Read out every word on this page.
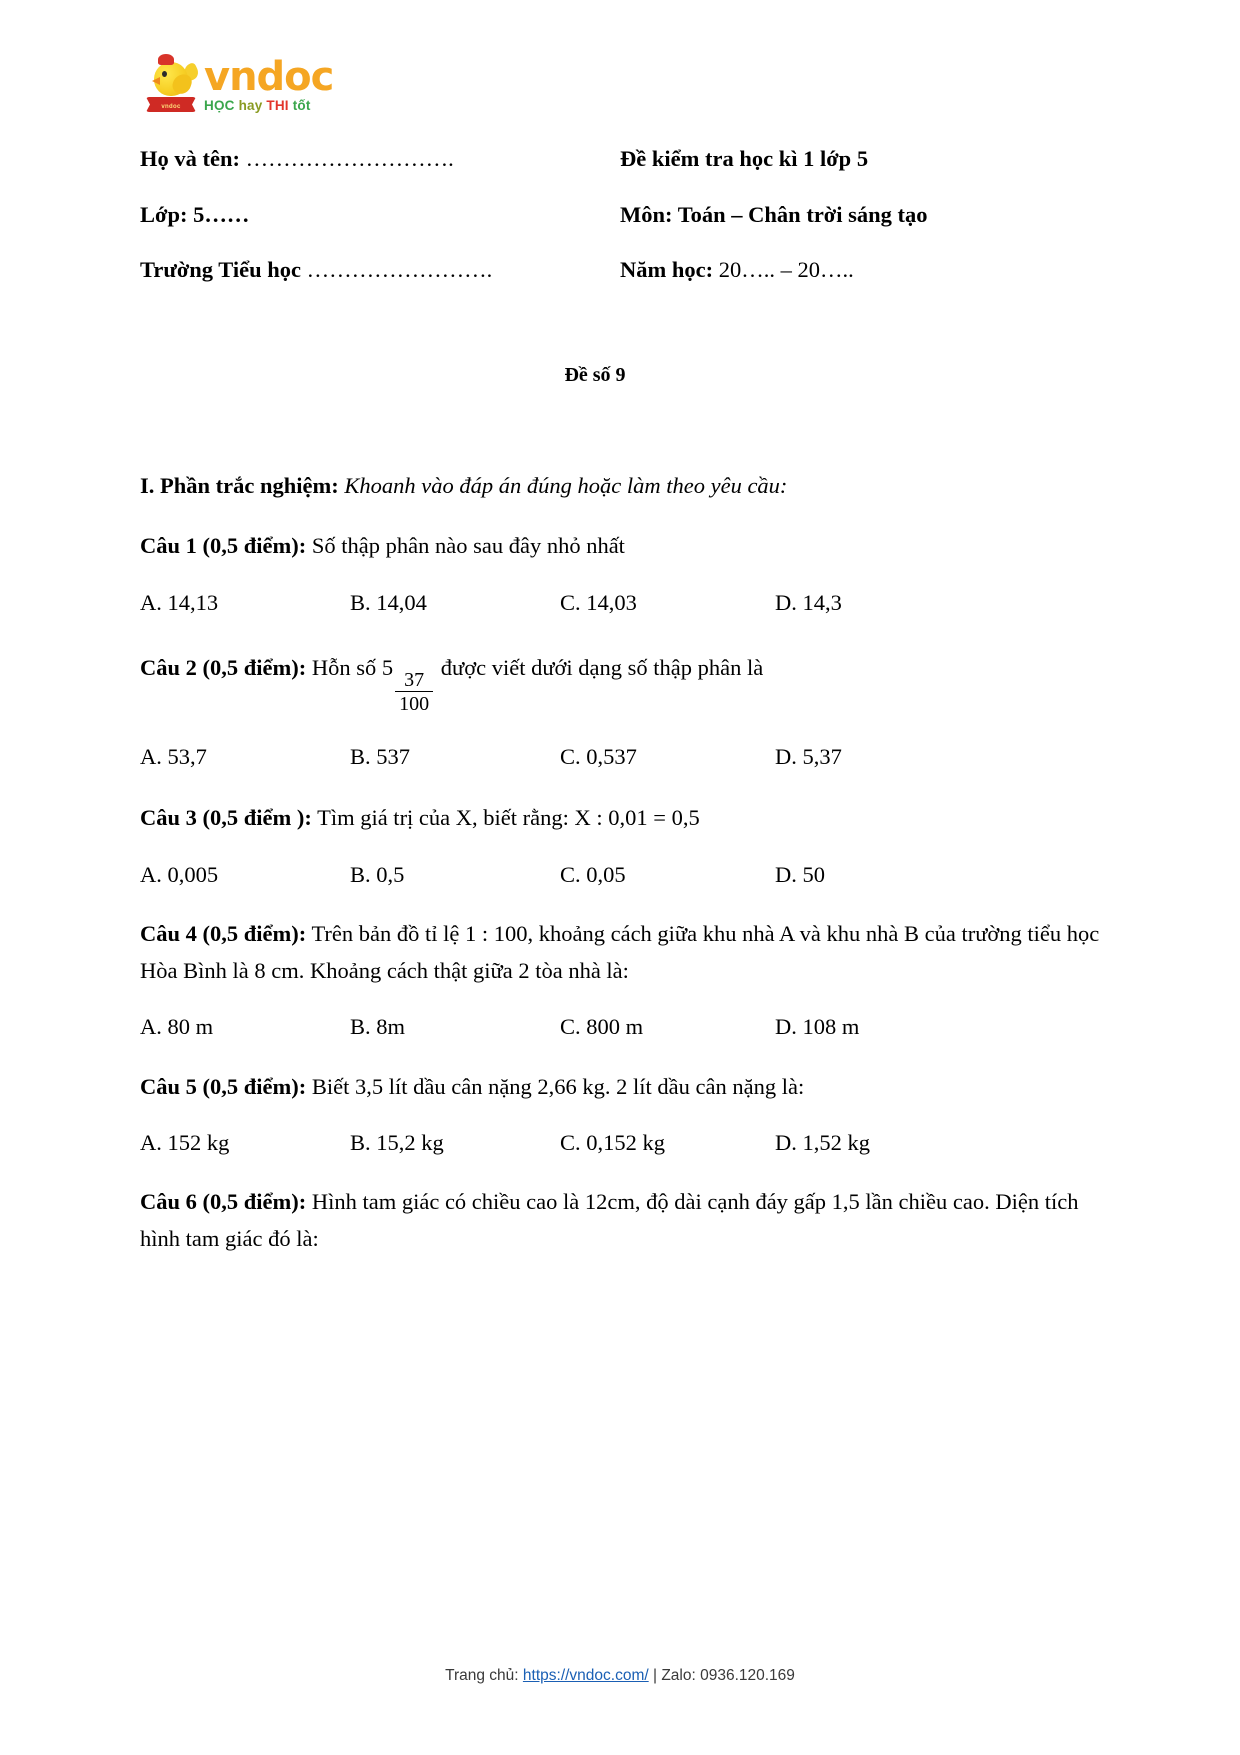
vndoc
vndoc
HỌC hay THI tốt
Họ và tên: ……………………….	Đề kiểm tra học kì 1 lớp 5
Lớp: 5……	Môn: Toán – Chân trời sáng tạo
Trường Tiểu học …………………….	Năm học: 20….. – 20…..
Đề số 9
I. Phần trắc nghiệm: Khoanh vào đáp án đúng hoặc làm theo yêu cầu:
Câu 1 (0,5 điểm): Số thập phân nào sau đây nhỏ nhất
A. 14,13	B. 14,04	C. 14,03	D. 14,3
Câu 2 (0,5 điểm): Hỗn số 5
$\frac{37}{100}$
được viết dưới dạng số thập phân là
A. 53,7	B. 537	C. 0,537	D. 5,37
Câu 3 (0,5 điểm ): Tìm giá trị của X, biết rằng: X : 0,01 = 0,5
A. 0,005	B. 0,5	C. 0,05	D. 50
Câu 4 (0,5 điểm): Trên bản đồ tỉ lệ 1 : 100, khoảng cách giữa khu nhà A và khu nhà B của trường tiểu học Hòa Bình là 8 cm. Khoảng cách thật giữa 2 tòa nhà là:
A. 80 m	B. 8m	C. 800 m	D. 108 m
Câu 5 (0,5 điểm): Biết 3,5 lít dầu cân nặng 2,66 kg. 2 lít dầu cân nặng là:
A. 152 kg	B. 15,2 kg	C. 0,152 kg	D. 1,52 kg
Câu 6 (0,5 điểm): Hình tam giác có chiều cao là 12cm, độ dài cạnh đáy gấp 1,5 lần chiều cao. Diện tích hình tam giác đó là:
Trang chủ: https://vndoc.com/ | Zalo: 0936.120.169
